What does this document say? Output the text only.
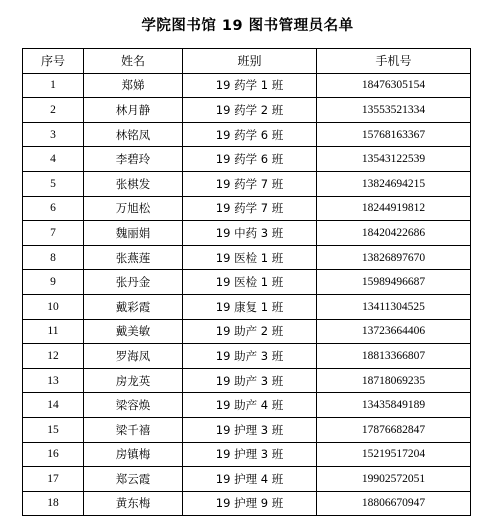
学院图书馆 19 图书管理员名单
序号	姓名	班别	手机号
1	郑娣	19 药学 1 班	18476305154
2	林月静	19 药学 2 班	13553521334
3	林铭凤	19 药学 6 班	15768163367
4	李碧玲	19 药学 6 班	13543122539
5	张棋发	19 药学 7 班	13824694215
6	万旭松	19 药学 7 班	18244919812
7	魏丽娟	19 中药 3 班	18420422686
8	张燕莲	19 医检 1 班	13826897670
9	张丹金	19 医检 1 班	15989496687
10	戴彩霞	19 康复 1 班	13411304525
11	戴美敏	19 助产 2 班	13723664406
12	罗海凤	19 助产 3 班	18813366807
13	房龙英	19 助产 3 班	18718069235
14	梁容焕	19 助产 4 班	13435849189
15	梁千禧	19 护理 3 班	17876682847
16	房镇梅	19 护理 3 班	15219517204
17	郑云霞	19 护理 4 班	19902572051
18	黄东梅	19 护理 9 班	18806670947
